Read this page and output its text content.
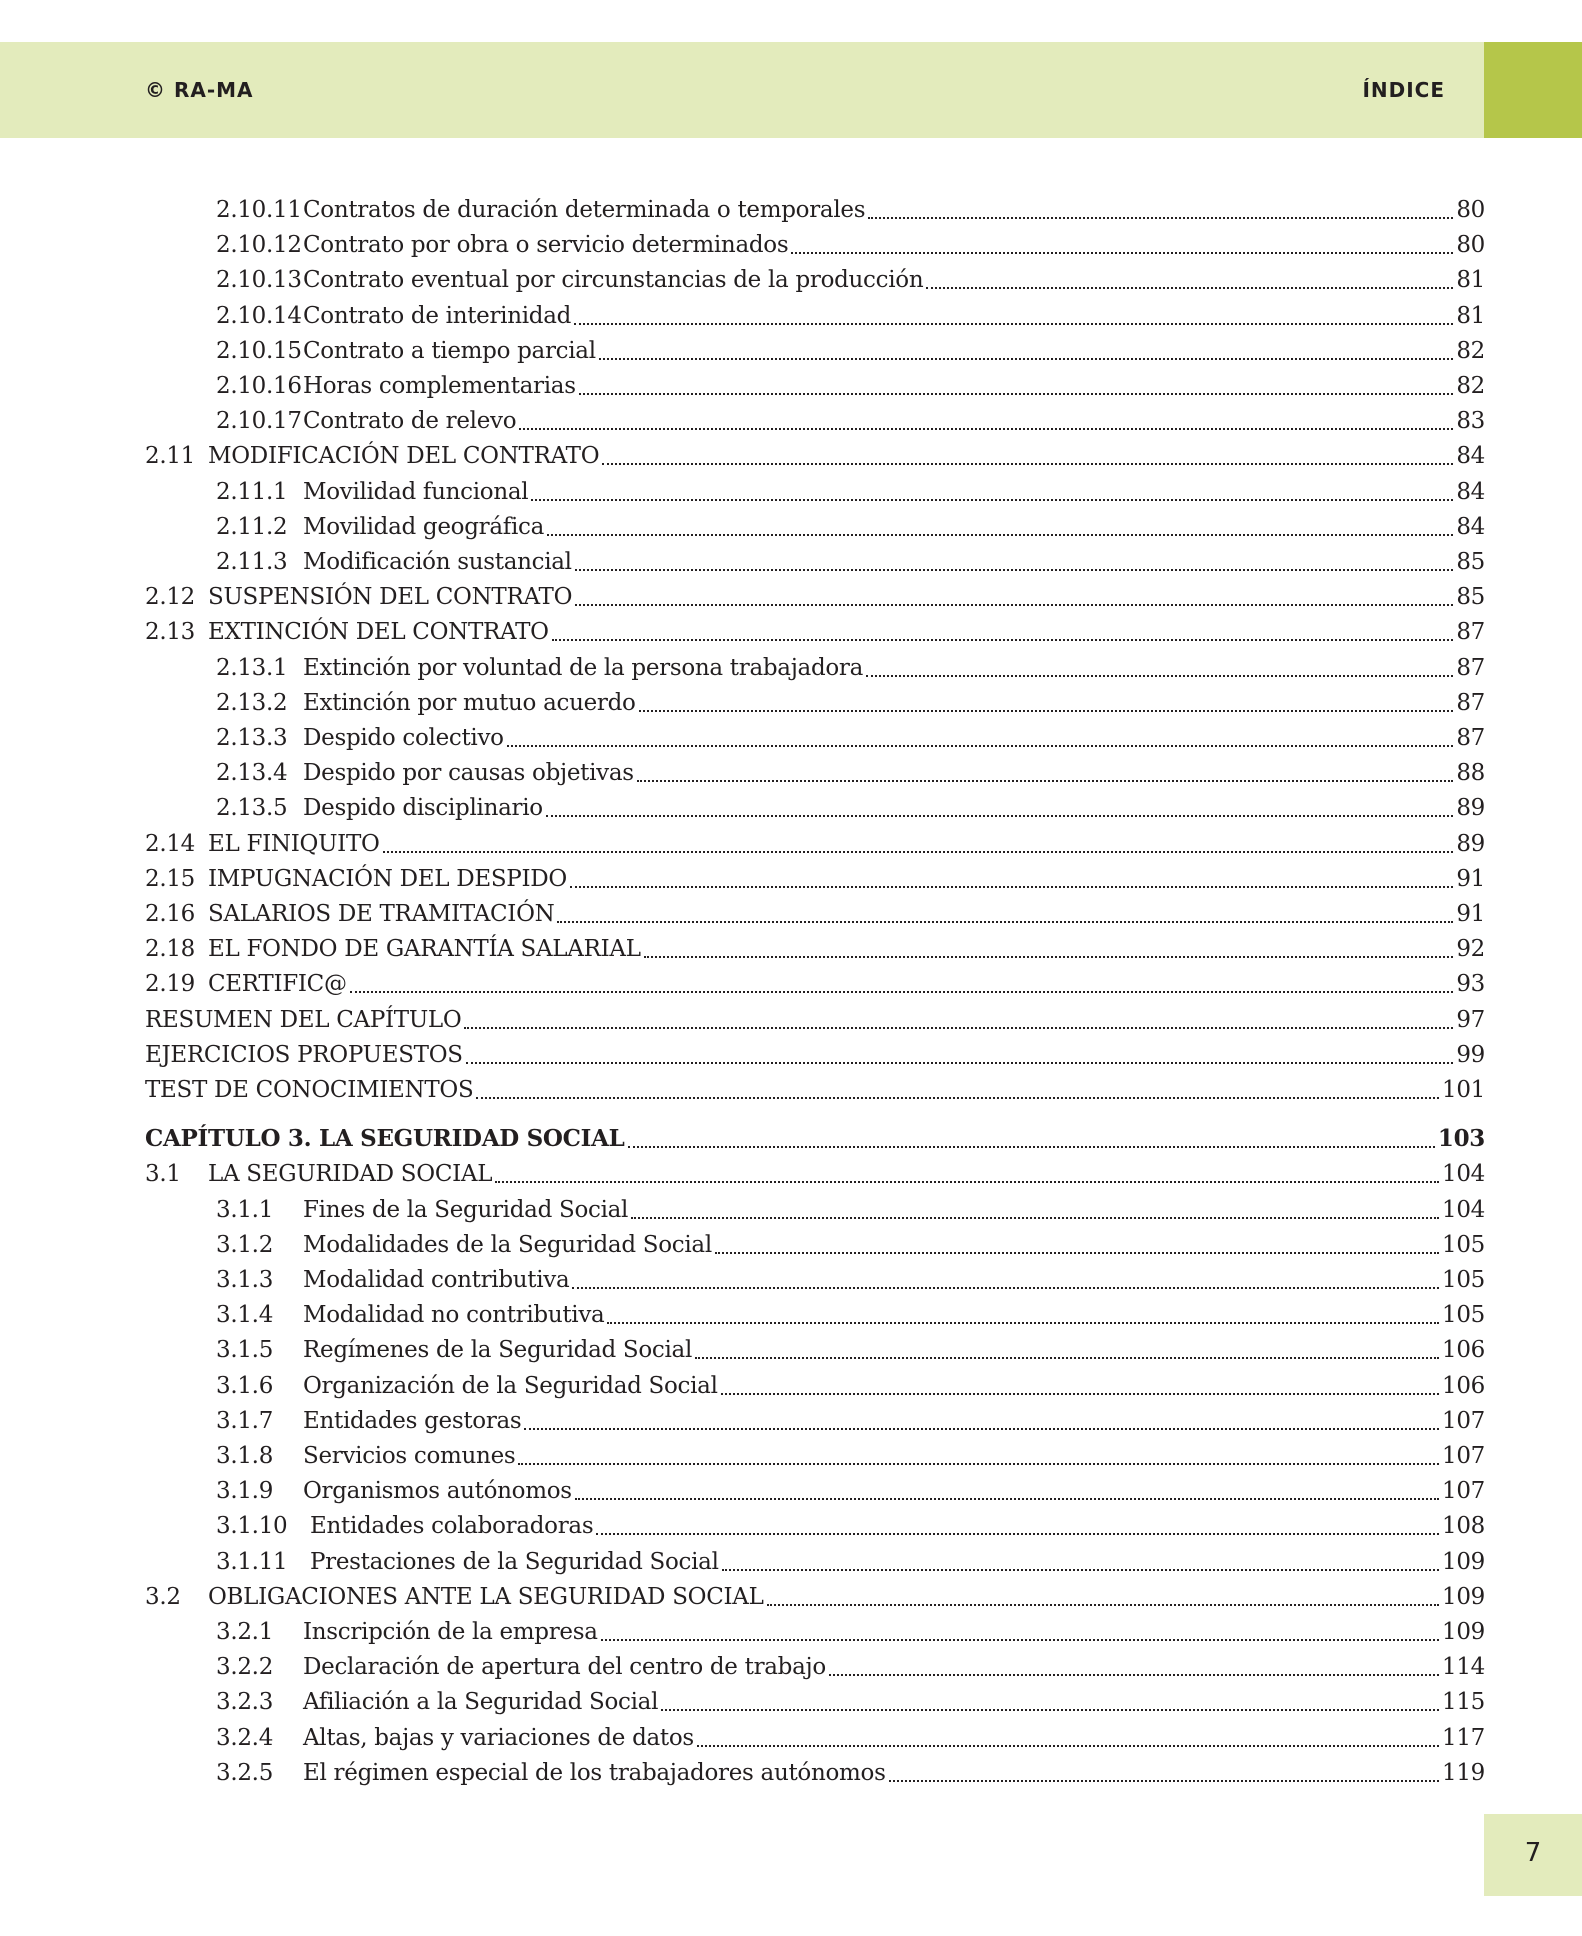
© RA-MA	ÍNDICE
2.10.11 Contratos de duración determinada o temporales	80
2.10.12 Contrato por obra o servicio determinados	80
2.10.13 Contrato eventual por circunstancias de la producción	81
2.10.14 Contrato de interinidad	81
2.10.15 Contrato a tiempo parcial	82
2.10.16 Horas complementarias	82
2.10.17 Contrato de relevo	83
2.11 MODIFICACIÓN DEL CONTRATO	84
2.11.1 Movilidad funcional	84
2.11.2 Movilidad geográfica	84
2.11.3 Modificación sustancial	85
2.12 SUSPENSIÓN DEL CONTRATO	85
2.13 EXTINCIÓN DEL CONTRATO	87
2.13.1 Extinción por voluntad de la persona trabajadora	87
2.13.2 Extinción por mutuo acuerdo	87
2.13.3 Despido colectivo	87
2.13.4 Despido por causas objetivas	88
2.13.5 Despido disciplinario	89
2.14 EL FINIQUITO	89
2.15 IMPUGNACIÓN DEL DESPIDO	91
2.16 SALARIOS DE TRAMITACIÓN	91
2.18 EL FONDO DE GARANTÍA SALARIAL	92
2.19 CERTIFIC@	93
RESUMEN DEL CAPÍTULO	97
EJERCICIOS PROPUESTOS	99
TEST DE CONOCIMIENTOS	101
CAPÍTULO 3. LA SEGURIDAD SOCIAL	103
3.1	LA SEGURIDAD SOCIAL	104
3.1.1	Fines de la Seguridad Social	104
3.1.2	Modalidades de la Seguridad Social	105
3.1.3	Modalidad contributiva	105
3.1.4	Modalidad no contributiva	105
3.1.5	Regímenes de la Seguridad Social	106
3.1.6	Organización de la Seguridad Social	106
3.1.7	Entidades gestoras	107
3.1.8	Servicios comunes	107
3.1.9	Organismos autónomos	107
3.1.10 Entidades colaboradoras	108
3.1.11 Prestaciones de la Seguridad Social	109
3.2	OBLIGACIONES ANTE LA SEGURIDAD SOCIAL	109
3.2.1	Inscripción de la empresa	109
3.2.2	Declaración de apertura del centro de trabajo	114
3.2.3	Afiliación a la Seguridad Social	115
3.2.4	Altas, bajas y variaciones de datos	117
3.2.5	El régimen especial de los trabajadores autónomos	119
7
